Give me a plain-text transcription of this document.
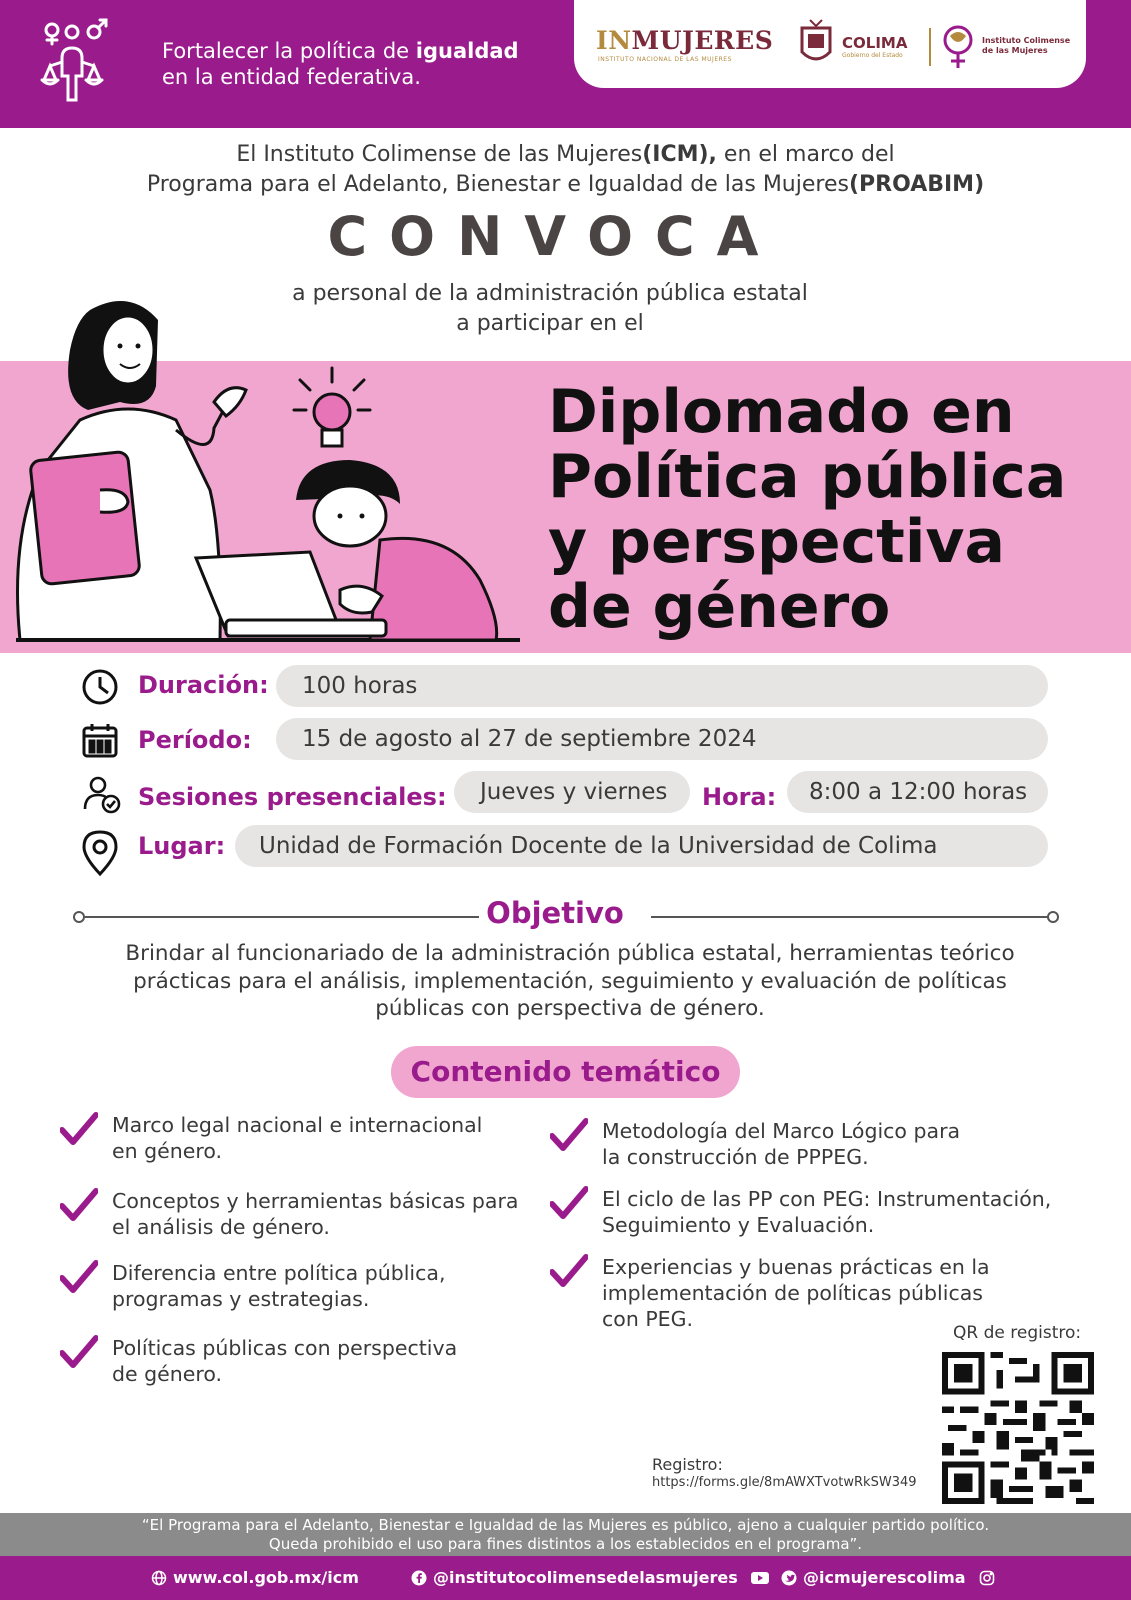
Fortalecer la política de igualdad
en la entidad federativa.
INMUJERES
INSTITUTO NACIONAL DE LAS MUJERES
COLIMA
Gobierno del Estado
Instituto Colimense de las Mujeres
El Instituto Colimense de las Mujeres(ICM), en el marco del
Programa para el Adelanto, Bienestar e Igualdad de las Mujeres(PROABIM)
CONVOCA
a personal de la administración pública estatal
a participar en el
Diplomado en
Política pública
y perspectiva
de género
Duración:	100 horas
Período:	15 de agosto al 27 de septiembre 2024
Sesiones presenciales:	Jueves y viernes	Hora:	8:00 a 12:00 horas
Lugar:	Unidad de Formación Docente de la Universidad de Colima
Objetivo
Brindar al funcionariado de la administración pública estatal, herramientas teórico
prácticas para el análisis, implementación, seguimiento y evaluación de políticas
públicas con perspectiva de género.
Contenido temático
Marco legal nacional e internacional
en género.
Conceptos y herramientas básicas para
el análisis de género.
Diferencia entre política pública,
programas y estrategias.
Políticas públicas con perspectiva
de género.
Metodología del Marco Lógico para
la construcción de PPPEG.
El ciclo de las PP con PEG: Instrumentación,
Seguimiento y Evaluación.
Experiencias y buenas prácticas en la
implementación de políticas públicas
con PEG.
QR de registro:
Registro:
https://forms.gle/8mAWXTvotwRkSW349
“El Programa para el Adelanto, Bienestar e Igualdad de las Mujeres es público, ajeno a cualquier partido político.
Queda prohibido el uso para fines distintos a los establecidos en el programa”.
www.col.gob.mx/icm	@institutocolimensedelasmujeres	@icmujerescolima
